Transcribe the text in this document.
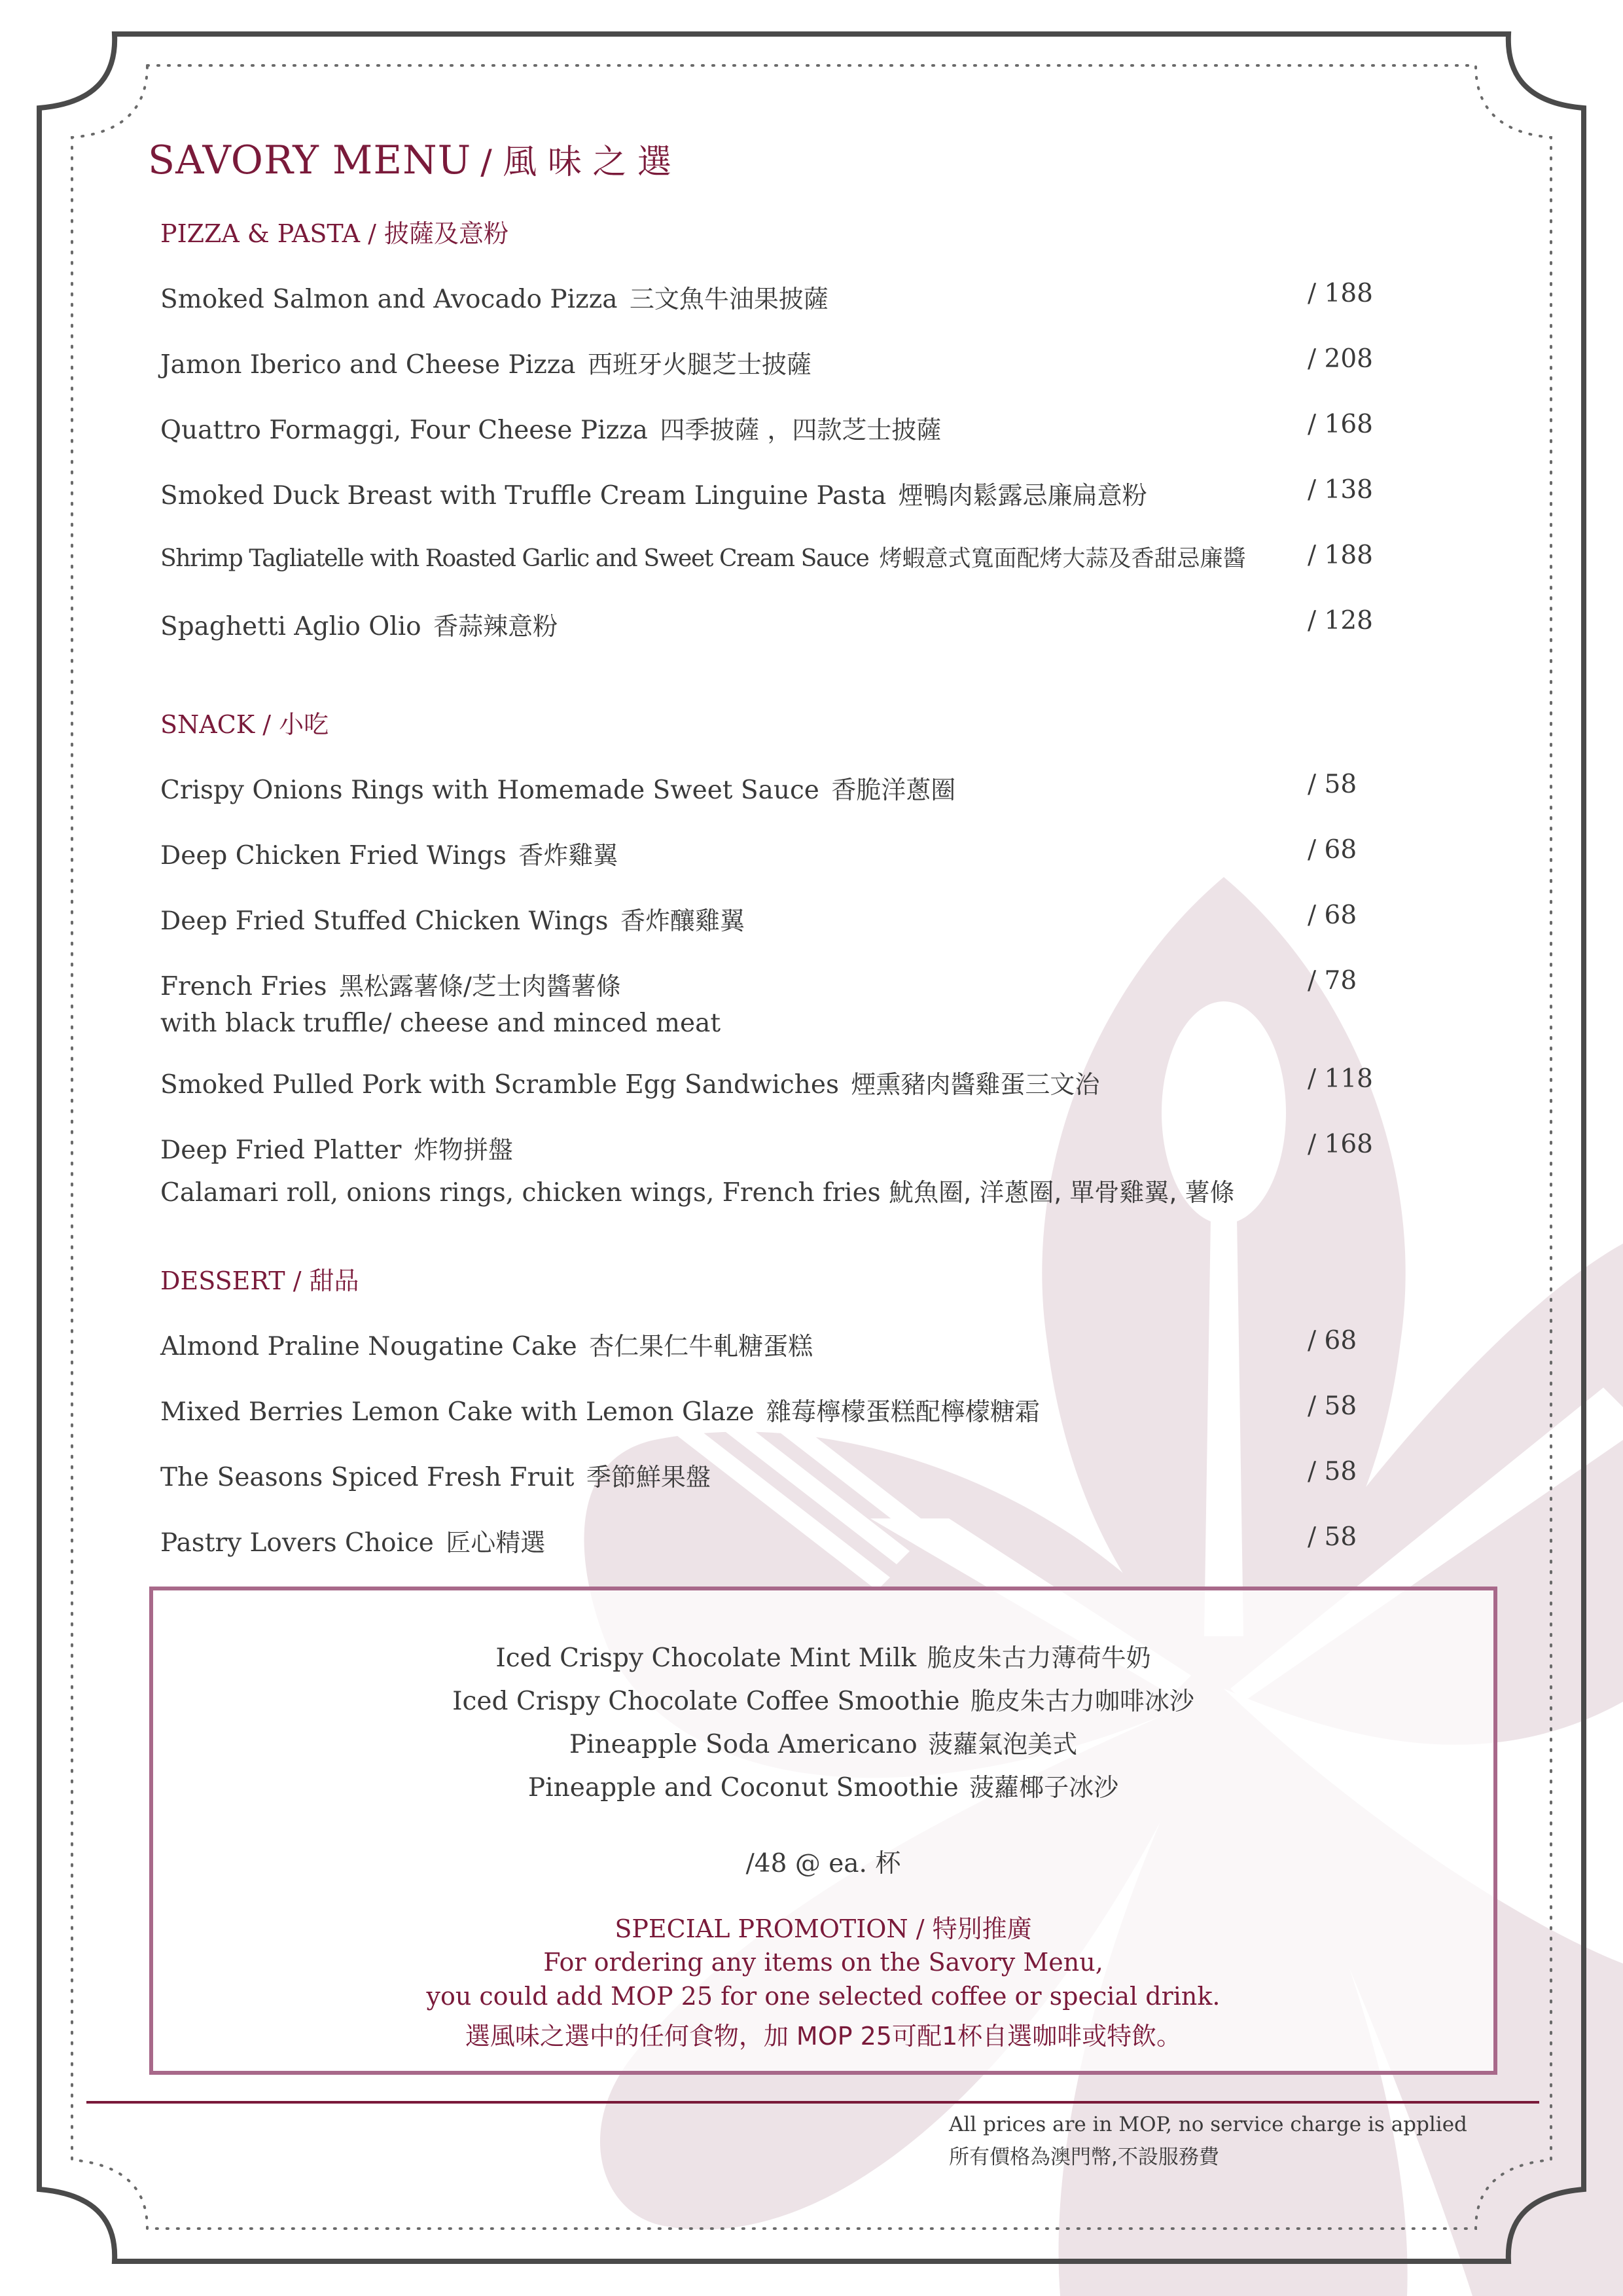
SAVORY MENU / 風 味 之 選
PIZZA & PASTA / 披薩及意粉
Smoked Salmon and Avocado Pizza 三文魚牛油果披薩	/ 188
Jamon Iberico and Cheese Pizza 西班牙火腿芝士披薩	/ 208
Quattro Formaggi, Four Cheese Pizza 四季披薩 ，四款芝士披薩	/ 168
Smoked Duck Breast with Truffle Cream Linguine Pasta 煙鴨肉鬆露忌廉扁意粉	/ 138
Shrimp Tagliatelle with Roasted Garlic and Sweet Cream Sauce 烤蝦意式寬面配烤大蒜及香甜忌廉醬 / 188
Spaghetti Aglio Olio 香蒜辣意粉	/ 128
SNACK / 小吃
Crispy Onions Rings with Homemade Sweet Sauce 香脆洋蔥圈	/ 58
Deep Chicken Fried Wings 香炸雞翼	/ 68
Deep Fried Stuffed Chicken Wings 香炸釀雞翼	/ 68
French Fries 黑松露薯條/芝士肉醬薯條
with black truffle/ cheese and minced meat
/ 78
Smoked Pulled Pork with Scramble Egg Sandwiches 煙熏豬肉醬雞蛋三文治	/ 118
Deep Fried Platter 炸物拼盤
Calamari roll, onions rings, chicken wings, French fries 魷魚圈, 洋蔥圈, 單骨雞翼, 薯條
/ 168
DESSERT / 甜品
Almond Praline Nougatine Cake 杏仁果仁牛軋糖蛋糕	/ 68
Mixed Berries Lemon Cake with Lemon Glaze 雜莓檸檬蛋糕配檸檬糖霜	/ 58
The Seasons Spiced Fresh Fruit 季節鮮果盤	/ 58
Pastry Lovers Choice 匠心精選	/ 58
Iced Crispy Chocolate Mint Milk 脆皮朱古力薄荷牛奶
Iced Crispy Chocolate Coffee Smoothie 脆皮朱古力咖啡冰沙
Pineapple Soda Americano 菠蘿氣泡美式
Pineapple and Coconut Smoothie 菠蘿椰子冰沙
/48 @ ea. 杯
SPECIAL PROMOTION / 特別推廣
For ordering any items on the Savory Menu,
you could add MOP 25 for one selected coffee or special drink.
選風味之選中的任何食物，加 MOP 25可配1杯自選咖啡或特飲。
All prices are in MOP, no service charge is applied
所有價格為澳門幣,不設服務費
